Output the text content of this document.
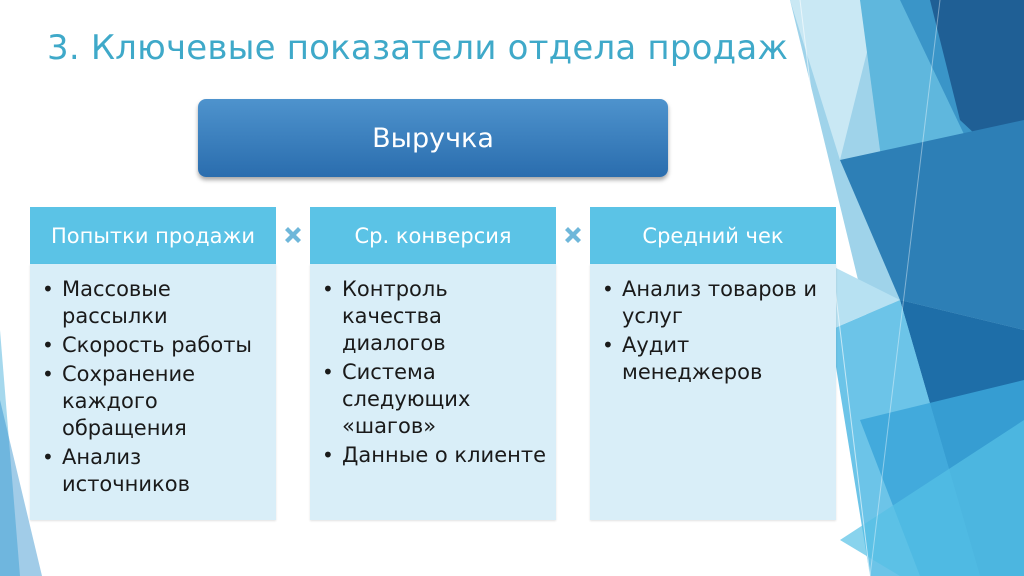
3. Ключевые показатели отдела продаж
Выручка
Попытки продажи
• Массовые рассылки
• Скорость работы
• Сохранение каждого обращения
• Анализ источников
Ср. конверсия
• Контроль качества диалогов
• Система следующих «шагов»
• Данные о клиенте
Средний чек
• Анализ товаров и услуг
• Аудит менеджеров
